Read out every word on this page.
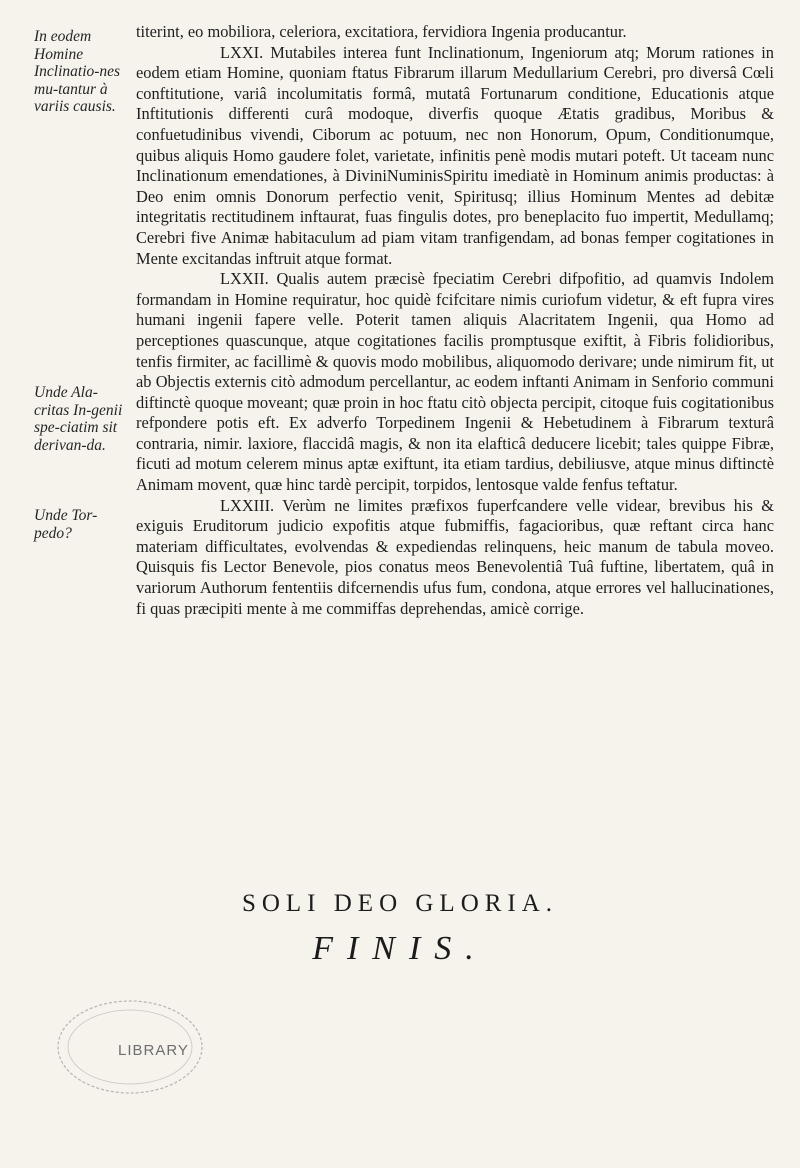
In eodem Homine Inclinatio-nes mu-tantur à variis causis.
Unde Ala-critas In-genii spe-ciatim sit derivan-da.
Unde Tor-pedo?

titerint, eo mobiliora, celeriora, excitatiora, fervidiora Ingenia producantur.

LXXI. Mutabiles interea funt Inclinationum, Ingeniorum atq; Morum rationes in eodem etiam Homine, quoniam ftatus Fibrarum illarum Medullarium Cerebri, pro diversâ Cœli conftitutione, variâ incolumitatis formâ, mutatâ Fortunarum conditione, Educationis atque Inftitutionis differenti curâ modoque, diverfis quoque Ætatis gradibus, Moribus & confuetudinibus vivendi, Ciborum ac potuum, nec non Honorum, Opum, Conditionumque, quibus aliquis Homo gaudere folet, varietate, infinitis penè modis mutari poteft. Ut taceam nunc Inclinationum emendationes, à DiviniNuminisSpiritu imediatè in Hominum animis productas: à Deo enim omnis Donorum perfectio venit, Spiritusq; illius Hominum Mentes ad debitæ integritatis rectitudinem inftaurat, fuas fingulis dotes, pro beneplacito fuo impertit, Medullamq; Cerebri five Animæ habitaculum ad piam vitam tranfigendam, ad bonas femper cogitationes in Mente excitandas inftruit atque format.

LXXII. Qualis autem præcisè fpeciatim Cerebri difpofitio, ad quamvis Indolem formandam in Homine requiratur, hoc quidè fcifcitare nimis curiofum videtur, & eft fupra vires humani ingenii fapere velle. Poterit tamen aliquis Alacritatem Ingenii, qua Homo ad perceptiones quascunque, atque cogitationes facilis promptusque exiftit, à Fibris folidioribus, tenfis firmiter, ac facillimè & quovis modo mobilibus, aliquomodo derivare; unde nimirum fit, ut ab Objectis externis citò admodum percellantur, ac eodem inftanti Animam in Senforio communi diftinctè quoque moveant; quæ proin in hoc ftatu citò objecta percipit, citoque fuis cogitationibus refpondere potis eft. Ex adverfo Torpedinem Ingenii & Hebetudinem à Fibrarum texturâ contraria, nimir. laxiore, flaccidâ magis, & non ita elafticâ deducere licebit; tales quippe Fibræ, ficuti ad motum celerem minus aptæ exiftunt, ita etiam tardius, debiliusve, atque minus diftinctè Animam movent, quæ hinc tardè percipit, torpidos, lentosque valde fenfus teftatur.

LXXIII. Verùm ne limites præfixos fuperfcandere velle videar, brevibus his & exiguis Eruditorum judicio expofitis atque fubmiffis, fagacioribus, quæ reftant circa hanc materiam difficultates, evolvendas & expediendas relinquens, heic manum de tabula moveo. Quisquis fis Lector Benevole, pios conatus meos Benevolentiâ Tuâ fuftine, libertatem, quâ in variorum Authorum fententiis difcernendis ufus fum, condona, atque errores vel hallucinationes, fi quas præcipiti mente à me commiffas deprehendas, amicè corrige.

SOLI DEO GLORIA.
FINIS.
LIBRARY
